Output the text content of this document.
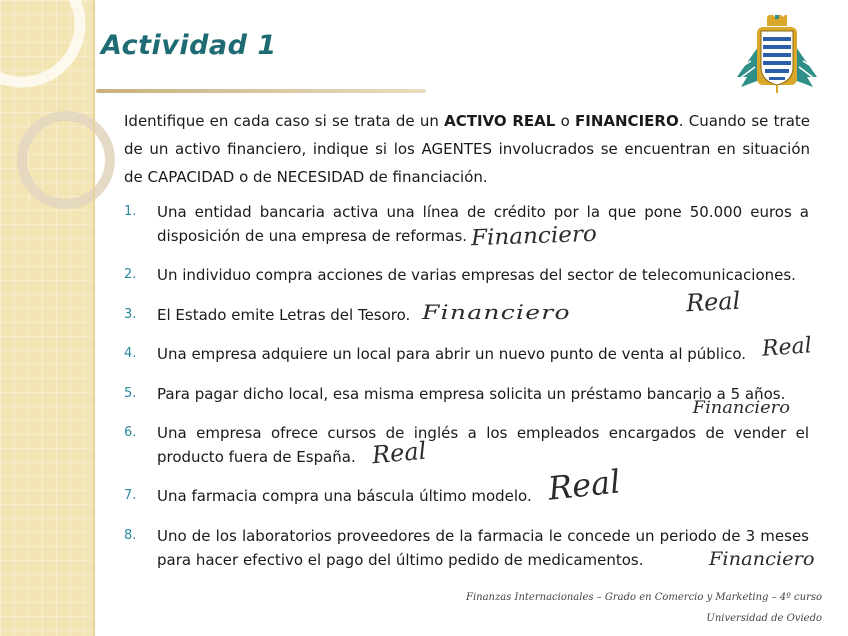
Actividad 1
Identifique en cada caso si se trata de un ACTIVO REAL o FINANCIERO. Cuando se trate de un activo financiero, indique si los AGENTES involucrados se encuentran en situación de CAPACIDAD o de NECESIDAD de financiación.
1.	Una entidad bancaria activa una línea de crédito por la que pone 50.000 euros a disposición de una empresa de reformas.
2.	Un individuo compra acciones de varias empresas del sector de telecomunicaciones.
3.	El Estado emite Letras del Tesoro.
4.	Una empresa adquiere un local para abrir un nuevo punto de venta al público.
5.	Para pagar dicho local, esa misma empresa solicita un préstamo bancario a 5 años.
6.	Una empresa ofrece cursos de inglés a los empleados encargados de vender el producto fuera de España.
7.	Una farmacia compra una báscula último modelo.
8.	Uno de los laboratorios proveedores de la farmacia le concede un periodo de 3 meses para hacer efectivo el pago del último pedido de medicamentos.
Financiero
Financiero	Real
Real
Financiero
Real
Real
Financiero
Finanzas Internacionales – Grado en Comercio y Marketing – 4º curso
Universidad de Oviedo
